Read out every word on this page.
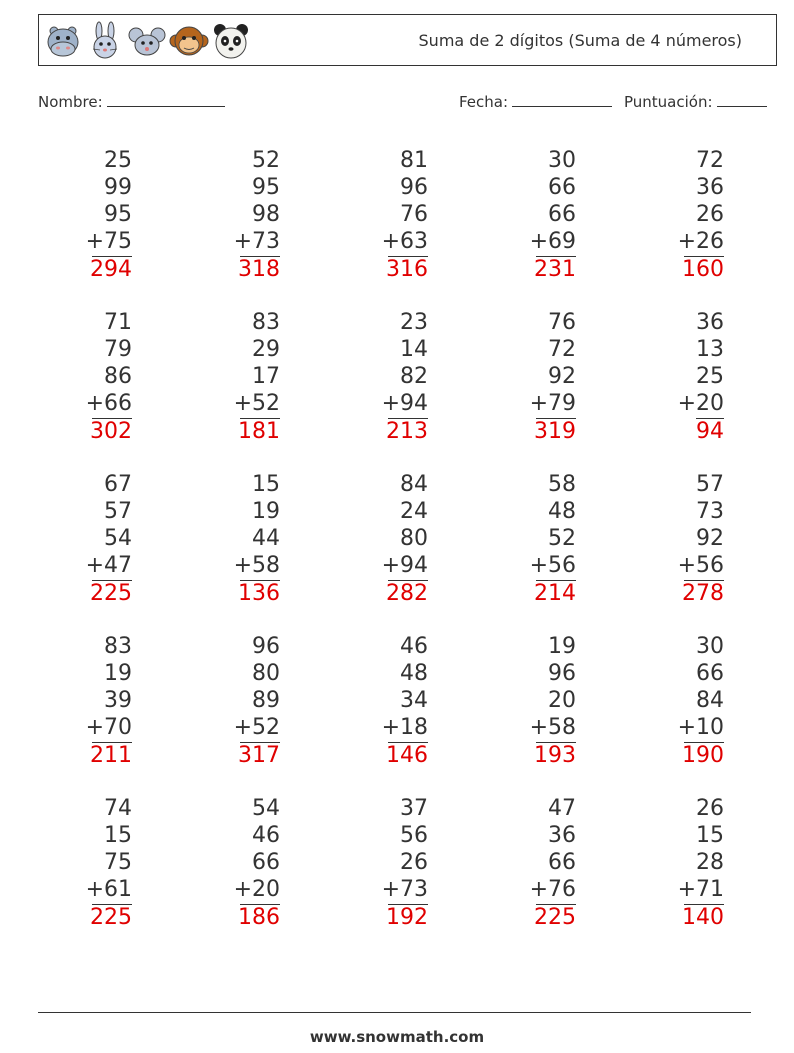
Suma de 2 dígitos (Suma de 4 números)
Nombre:	Fecha:	Puntuación:
25
99
95
+75
294
52
95
98
+73
318
81
96
76
+63
316
30
66
66
+69
231
72
36
26
+26
160
71
79
86
+66
302
83
29
17
+52
181
23
14
82
+94
213
76
72
92
+79
319
36
13
25
+20
94
67
57
54
+47
225
15
19
44
+58
136
84
24
80
+94
282
58
48
52
+56
214
57
73
92
+56
278
83
19
39
+70
211
96
80
89
+52
317
46
48
34
+18
146
19
96
20
+58
193
30
66
84
+10
190
74
15
75
+61
225
54
46
66
+20
186
37
56
26
+73
192
47
36
66
+76
225
26
15
28
+71
140
www.snowmath.com
